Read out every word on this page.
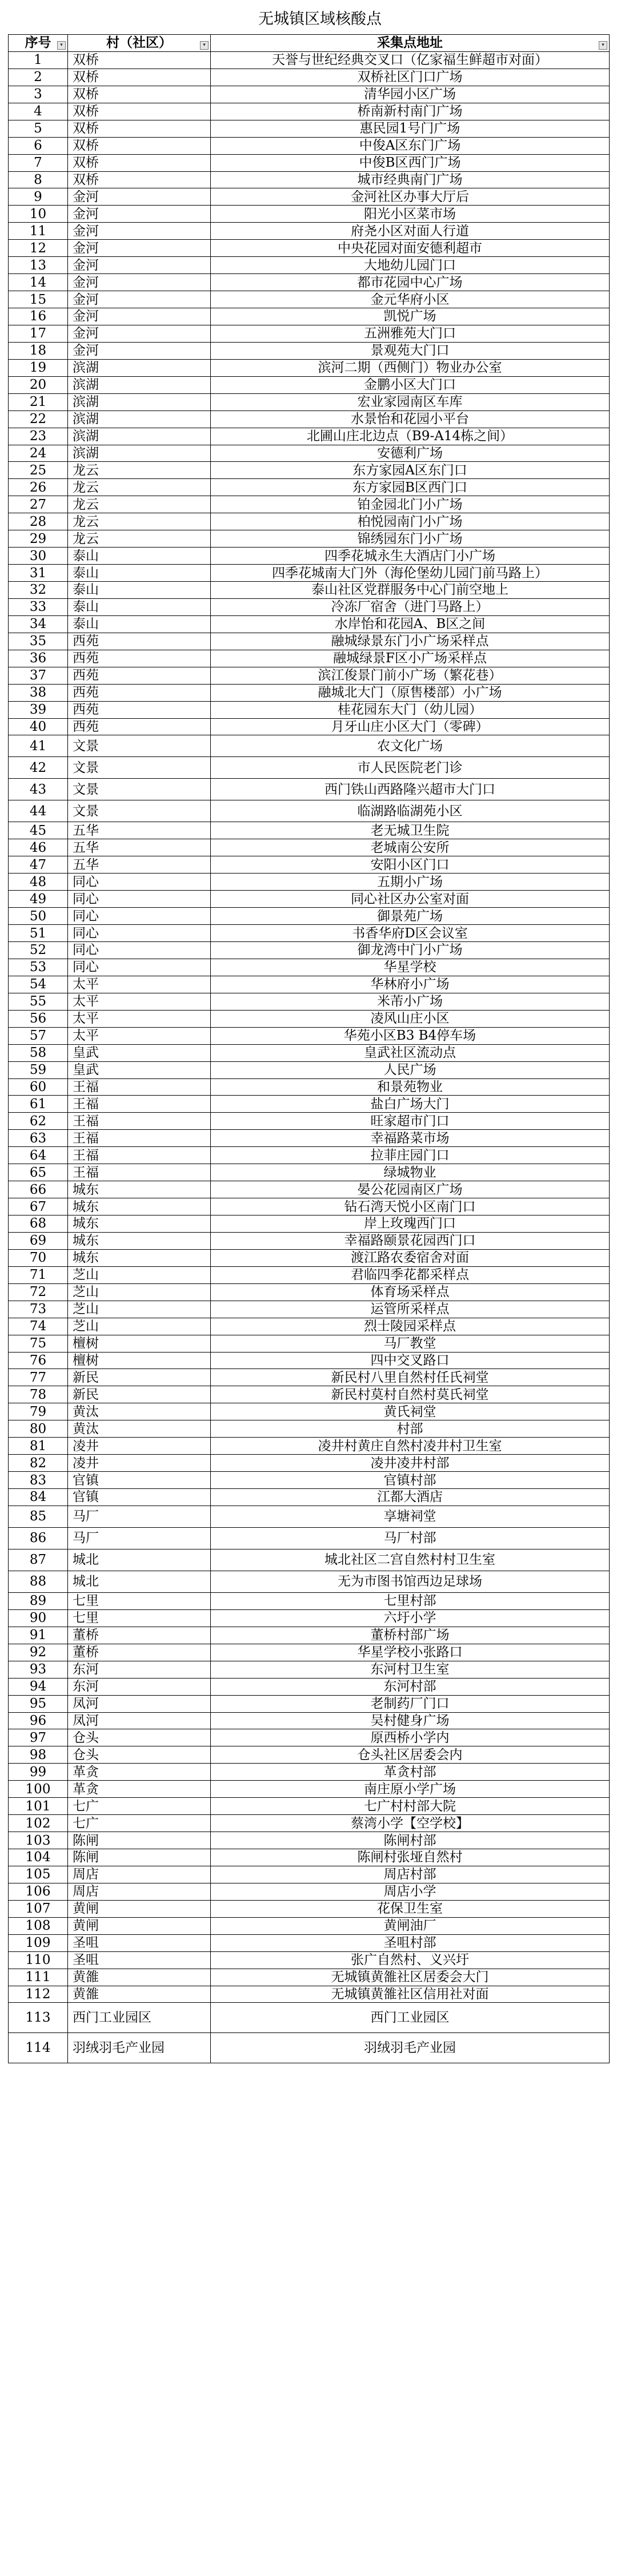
无城镇区域核酸点
序号 ▾	村（社区） ▾	采集点地址 ▾

1	双桥	天誉与世纪经典交叉口（亿家福生鲜超市对面）
2	双桥	双桥社区门口广场
3	双桥	清华园小区广场
4	双桥	桥南新村南门广场
5	双桥	惠民园1号门广场
6	双桥	中俊A区东门广场
7	双桥	中俊B区西门广场
8	双桥	城市经典南门广场
9	金河	金河社区办事大厅后
10	金河	阳光小区菜市场
11	金河	府尧小区对面人行道
12	金河	中央花园对面安德利超市
13	金河	大地幼儿园门口
14	金河	都市花园中心广场
15	金河	金元华府小区
16	金河	凯悦广场
17	金河	五洲雅苑大门口
18	金河	景观苑大门口
19	滨湖	滨河二期（西侧门）物业办公室
20	滨湖	金鹏小区大门口
21	滨湖	宏业家园南区车库
22	滨湖	水景怡和花园小平台
23	滨湖	北圃山庄北边点（B9-A14栋之间）
24	滨湖	安德利广场
25	龙云	东方家园A区东门口
26	龙云	东方家园B区西门口
27	龙云	铂金园北门小广场
28	龙云	柏悦园南门小广场
29	龙云	锦绣园东门小广场
30	泰山	四季花城永生大酒店门小广场
31	泰山	四季花城南大门外（海伦堡幼儿园门前马路上）
32	泰山	泰山社区党群服务中心门前空地上
33	泰山	冷冻厂宿舍（进门马路上）
34	泰山	水岸怡和花园A、B区之间
35	西苑	融城绿景东门小广场采样点
36	西苑	融城绿景F区小广场采样点
37	西苑	滨江俊景门前小广场（繁花巷）
38	西苑	融城北大门（原售楼部）小广场
39	西苑	桂花园东大门（幼儿园）
40	西苑	月牙山庄小区大门（零碑）
41	文景	农文化广场
42	文景	市人民医院老门诊
43	文景	西门铁山西路隆兴超市大门口
44	文景	临湖路临湖苑小区
45	五华	老无城卫生院
46	五华	老城南公安所
47	五华	安阳小区门口
48	同心	五期小广场
49	同心	同心社区办公室对面
50	同心	御景苑广场
51	同心	书香华府D区会议室
52	同心	御龙湾中门小广场
53	同心	华星学校
54	太平	华林府小广场
55	太平	米芾小广场
56	太平	凌风山庄小区
57	太平	华苑小区B3 B4停车场
58	皇武	皇武社区流动点
59	皇武	人民广场
60	王福	和景苑物业
61	王福	盐白广场大门
62	王福	旺家超市门口
63	王福	幸福路菜市场
64	王福	拉菲庄园门口
65	王福	绿城物业
66	城东	晏公花园南区广场
67	城东	钻石湾天悦小区南门口
68	城东	岸上玫瑰西门口
69	城东	幸福路颐景花园西门口
70	城东	渡江路农委宿舍对面
71	芝山	君临四季花都采样点
72	芝山	体育场采样点
73	芝山	运管所采样点
74	芝山	烈士陵园采样点
75	檀树	马厂教堂
76	檀树	四中交叉路口
77	新民	新民村八里自然村任氏祠堂
78	新民	新民村莫村自然村莫氏祠堂
79	黄汰	黄氏祠堂
80	黄汰	村部
81	凌井	凌井村黄庄自然村凌井村卫生室
82	凌井	凌井凌井村部
83	官镇	官镇村部
84	官镇	江都大酒店
85	马厂	享塘祠堂
86	马厂	马厂村部
87	城北	城北社区二宫自然村村卫生室
88	城北	无为市图书馆西边足球场
89	七里	七里村部
90	七里	六圩小学
91	董桥	董桥村部广场
92	董桥	华星学校小张路口
93	东河	东河村卫生室
94	东河	东河村部
95	凤河	老制药厂门口
96	凤河	吴村健身广场
97	仓头	原西桥小学内
98	仓头	仓头社区居委会内
99	革贪	革贪村部
100	革贪	南庄原小学广场
101	七广	七广村村部大院
102	七广	蔡湾小学【空学校】
103	陈闸	陈闸村部
104	陈闸	陈闸村张垭自然村
105	周店	周店村部
106	周店	周店小学
107	黄闸	花保卫生室
108	黄闸	黄闸油厂
109	圣咀	圣咀村部
110	圣咀	张广自然村、义兴圩
111	黄雒	无城镇黄雒社区居委会大门
112	黄雒	无城镇黄雒社区信用社对面
113	西门工业园区	西门工业园区
114	羽绒羽毛产业园	羽绒羽毛产业园
